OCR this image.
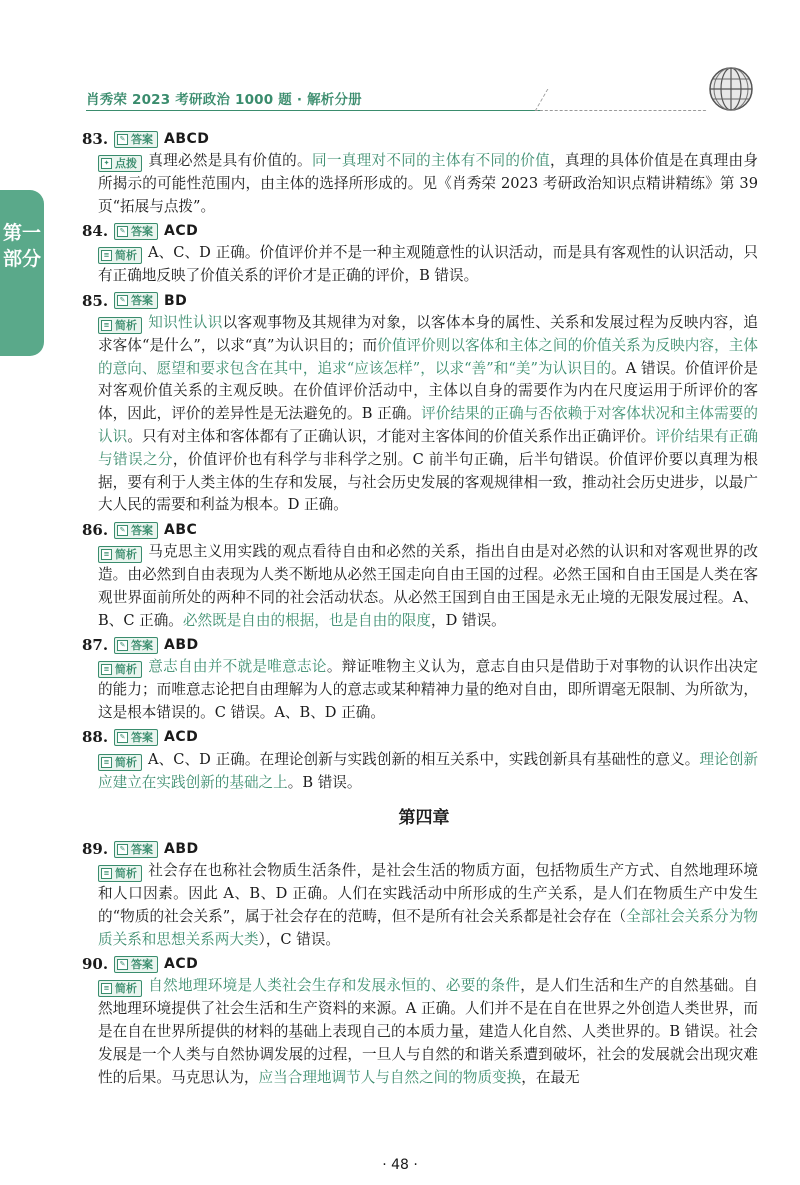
肖秀荣 2023 考研政治 1000 题 · 解析分册
第一部分
83.	✎ 答案 ABCD
✦ 点拨 真理必然是具有价值的。同一真理对不同的主体有不同的价值，真理的具体价值是在真理由身所揭示的可能性范围内，由主体的选择所形成的。见《肖秀荣 2023 考研政治知识点精讲精练》第 39 页“拓展与点拨”。
84.	✎ 答案 ACD
≡ 简析 A、C、D 正确。价值评价并不是一种主观随意性的认识活动，而是具有客观性的认识活动，只有正确地反映了价值关系的评价才是正确的评价，B 错误。
85.	✎ 答案 BD
≡ 简析 知识性认识以客观事物及其规律为对象，以客体本身的属性、关系和发展过程为反映内容，追求客体“是什么”，以求“真”为认识目的；而价值评价则以客体和主体之间的价值关系为反映内容，主体的意向、愿望和要求包含在其中，追求“应该怎样”，以求“善”和“美”为认识目的。A 错误。价值评价是对客观价值关系的主观反映。在价值评价活动中，主体以自身的需要作为内在尺度运用于所评价的客体，因此，评价的差异性是无法避免的。B 正确。评价结果的正确与否依赖于对客体状况和主体需要的认识。只有对主体和客体都有了正确认识，才能对主客体间的价值关系作出正确评价。评价结果有正确与错误之分，价值评价也有科学与非科学之别。C 前半句正确，后半句错误。价值评价要以真理为根据，要有利于人类主体的生存和发展，与社会历史发展的客观规律相一致，推动社会历史进步，以最广大人民的需要和利益为根本。D 正确。
86.	✎ 答案 ABC
≡ 简析 马克思主义用实践的观点看待自由和必然的关系，指出自由是对必然的认识和对客观世界的改造。由必然到自由表现为人类不断地从必然王国走向自由王国的过程。必然王国和自由王国是人类在客观世界面前所处的两种不同的社会活动状态。从必然王国到自由王国是永无止境的无限发展过程。A、B、C 正确。必然既是自由的根据，也是自由的限度，D 错误。
87.	✎ 答案 ABD
≡ 简析 意志自由并不就是唯意志论。辩证唯物主义认为，意志自由只是借助于对事物的认识作出决定的能力；而唯意志论把自由理解为人的意志或某种精神力量的绝对自由，即所谓毫无限制、为所欲为，这是根本错误的。C 错误。A、B、D 正确。
88.	✎ 答案 ACD
≡ 简析 A、C、D 正确。在理论创新与实践创新的相互关系中，实践创新具有基础性的意义。理论创新应建立在实践创新的基础之上。B 错误。
第四章
89.	✎ 答案 ABD
≡ 简析 社会存在也称社会物质生活条件，是社会生活的物质方面，包括物质生产方式、自然地理环境和人口因素。因此 A、B、D 正确。人们在实践活动中所形成的生产关系，是人们在物质生产中发生的“物质的社会关系”，属于社会存在的范畴，但不是所有社会关系都是社会存在（全部社会关系分为物质关系和思想关系两大类），C 错误。
90.	✎ 答案 ACD
≡ 简析 自然地理环境是人类社会生存和发展永恒的、必要的条件，是人们生活和生产的自然基础。自然地理环境提供了社会生活和生产资料的来源。A 正确。人们并不是在自在世界之外创造人类世界，而是在自在世界所提供的材料的基础上表现自己的本质力量，建造人化自然、人类世界的。B 错误。社会发展是一个人类与自然协调发展的过程，一旦人与自然的和谐关系遭到破坏，社会的发展就会出现灾难性的后果。马克思认为，应当合理地调节人与自然之间的物质变换，在最无
· 48 ·
